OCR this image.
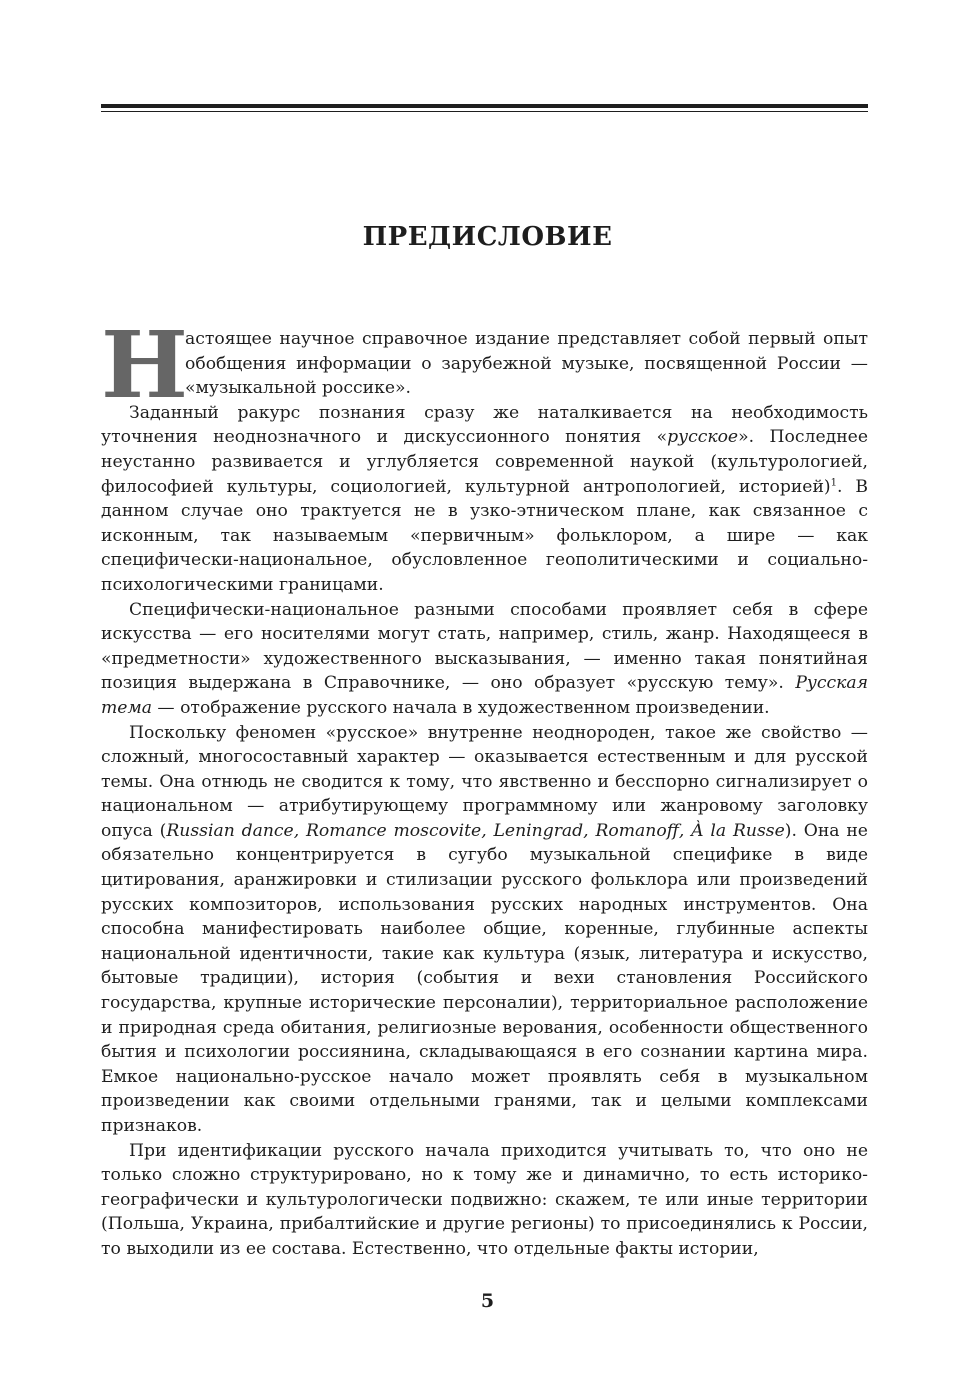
ПРЕДИСЛОВИЕ

Н
астоящее научное справочное издание представляет собой первый опыт обобщения информации о зарубежной музыке, посвященной России — «музыкальной россике».

Заданный ракурс познания сразу же наталкивается на необходимость уточнения неоднозначного и дискуссионного понятия «русское». Последнее неустанно развивается и углубляется современной наукой (культурологией, философией культуры, социологией, культурной антропологией, историей)$^1$. В данном случае оно трактуется не в узко-этническом плане, как связанное с исконным, так называемым «первичным» фольклором, а шире — как специфически-национальное, обусловленное геополитическими и социально-психологическими границами.

Специфически-национальное разными способами проявляет себя в сфере искусства — его носителями могут стать, например, стиль, жанр. Находящееся в «предметности» художественного высказывания, — именно такая понятийная позиция выдержана в Справочнике, — оно образует «русскую тему». Русская тема — отображение русского начала в художественном произведении.

Поскольку феномен «русское» внутренне неоднороден, такое же свойство — сложный, многосоставный характер — оказывается естественным и для русской темы. Она отнюдь не сводится к тому, что явственно и бесспорно сигнализирует о национальном — атрибутирующему программному или жанровому заголовку опуса (Russian dance, Romance moscovite, Leningrad, Romanoff, À la Russe). Она не обязательно концентрируется в сугубо музыкальной специфике в виде цитирования, аранжировки и стилизации русского фольклора или произведений русских композиторов, использования русских народных инструментов. Она способна манифестировать наиболее общие, коренные, глубинные аспекты национальной идентичности, такие как культура (язык, литература и искусство, бытовые традиции), история (события и вехи становления Российского государства, крупные исторические персоналии), территориальное расположение и природная среда обитания, религиозные верования, особенности общественного бытия и психологии россиянина, складывающаяся в его сознании картина мира. Емкое национально-русское начало может проявлять себя в музыкальном произведении как своими отдельными гранями, так и целыми комплексами признаков.

При идентификации русского начала приходится учитывать то, что оно не только сложно структурировано, но к тому же и динамично, то есть историко-географически и культурологически подвижно: скажем, те или иные территории (Польша, Украина, прибалтийские и другие регионы) то присоединялись к России, то выходили из ее состава. Естественно, что отдельные факты истории,

5
